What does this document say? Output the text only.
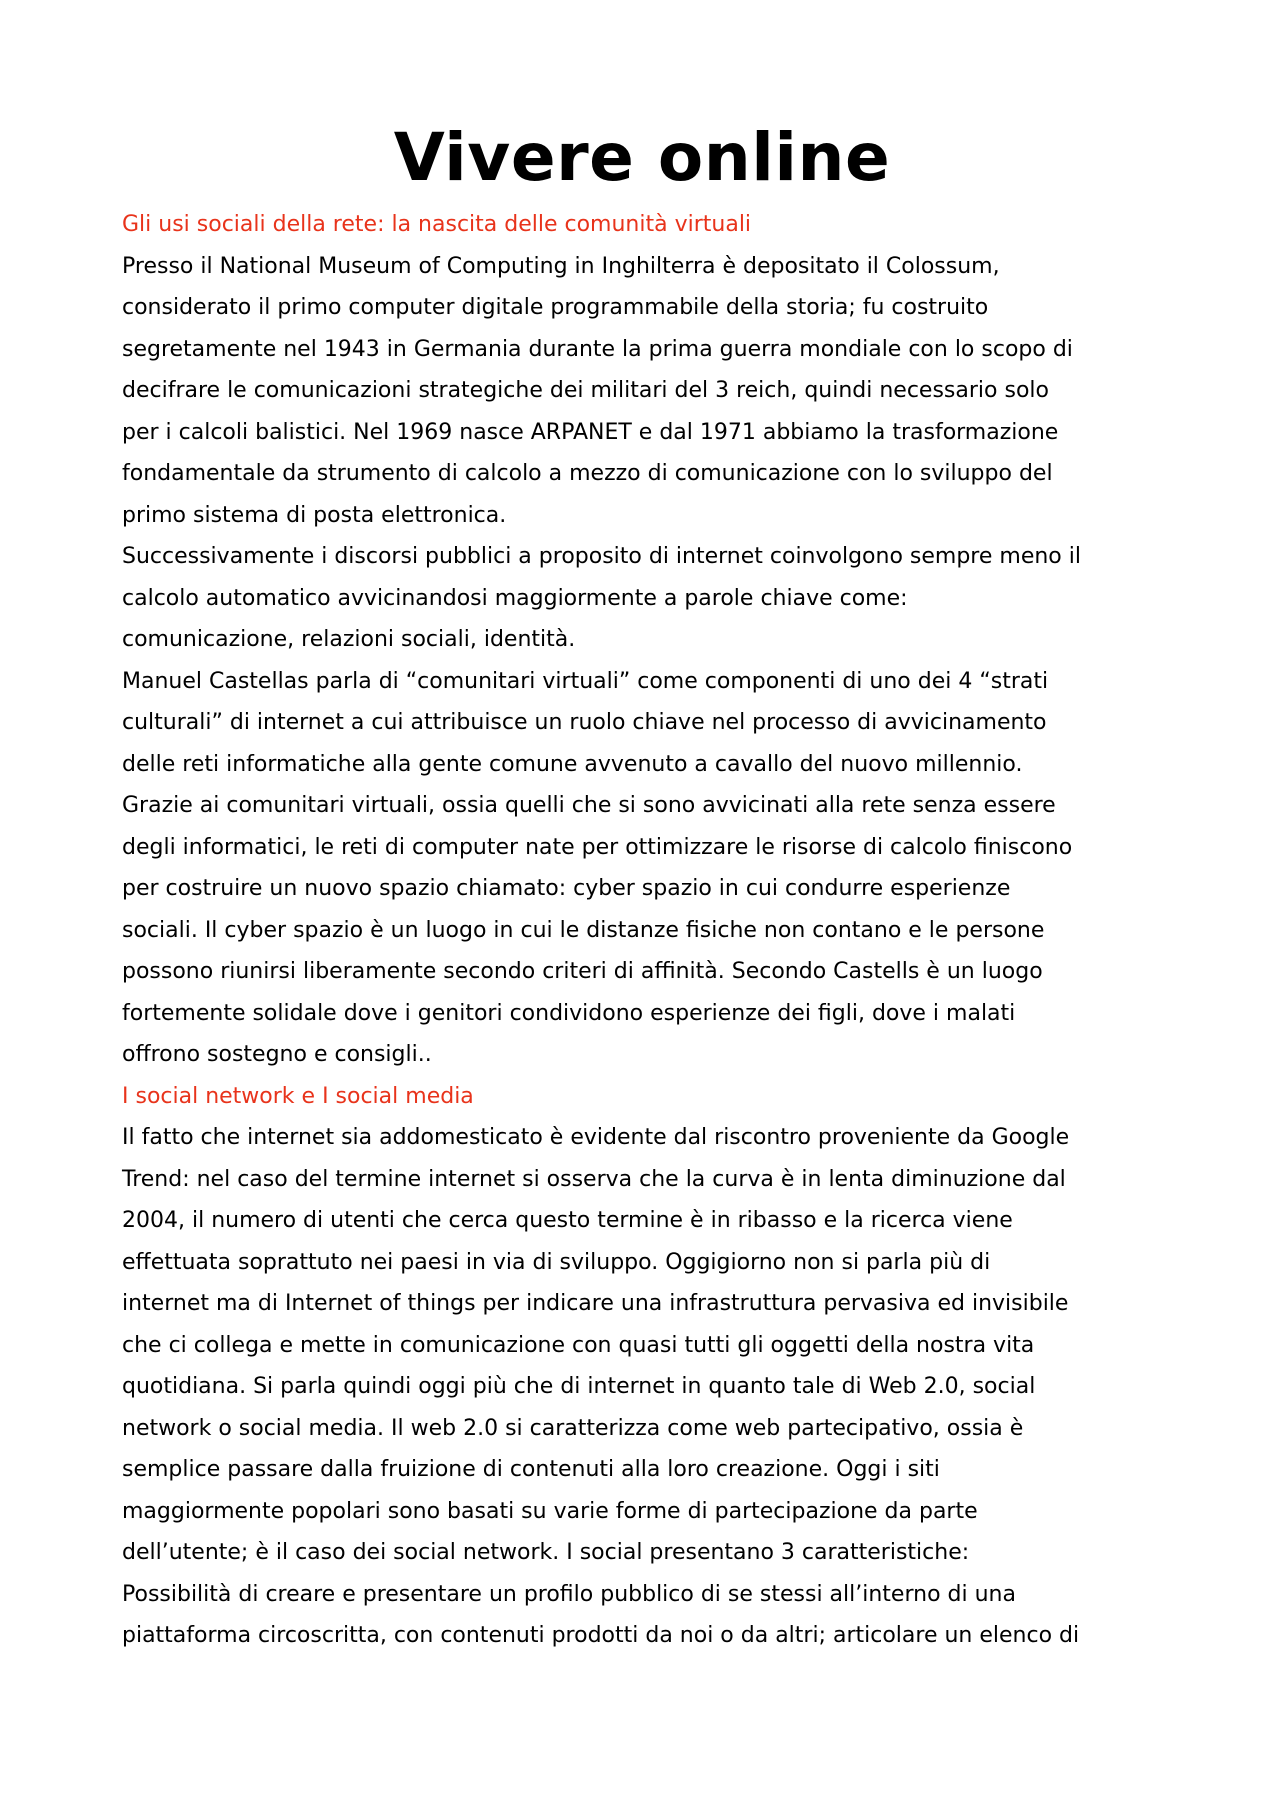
Vivere online
Gli usi sociali della rete: la nascita delle comunità virtuali
Presso il National Museum of Computing in Inghilterra è depositato il Colossum,
considerato il primo computer digitale programmabile della storia; fu costruito
segretamente nel 1943 in Germania durante la prima guerra mondiale con lo scopo di
decifrare le comunicazioni strategiche dei militari del 3 reich, quindi necessario solo
per i calcoli balistici. Nel 1969 nasce ARPANET e dal 1971 abbiamo la trasformazione
fondamentale da strumento di calcolo a mezzo di comunicazione con lo sviluppo del
primo sistema di posta elettronica.
Successivamente i discorsi pubblici a proposito di internet coinvolgono sempre meno il
calcolo automatico avvicinandosi maggiormente a parole chiave come:
comunicazione, relazioni sociali, identità.
Manuel Castellas parla di “comunitari virtuali” come componenti di uno dei 4 “strati
culturali” di internet a cui attribuisce un ruolo chiave nel processo di avvicinamento
delle reti informatiche alla gente comune avvenuto a cavallo del nuovo millennio.
Grazie ai comunitari virtuali, ossia quelli che si sono avvicinati alla rete senza essere
degli informatici, le reti di computer nate per ottimizzare le risorse di calcolo finiscono
per costruire un nuovo spazio chiamato: cyber spazio in cui condurre esperienze
sociali. Il cyber spazio è un luogo in cui le distanze fisiche non contano e le persone
possono riunirsi liberamente secondo criteri di affinità. Secondo Castells è un luogo
fortemente solidale dove i genitori condividono esperienze dei figli, dove i malati
offrono sostegno e consigli..
I social network e I social media
Il fatto che internet sia addomesticato è evidente dal riscontro proveniente da Google
Trend: nel caso del termine internet si osserva che la curva è in lenta diminuzione dal
2004, il numero di utenti che cerca questo termine è in ribasso e la ricerca viene
effettuata soprattuto nei paesi in via di sviluppo. Oggigiorno non si parla più di
internet ma di Internet of things per indicare una infrastruttura pervasiva ed invisibile
che ci collega e mette in comunicazione con quasi tutti gli oggetti della nostra vita
quotidiana. Si parla quindi oggi più che di internet in quanto tale di Web 2.0, social
network o social media. Il web 2.0 si caratterizza come web partecipativo, ossia è
semplice passare dalla fruizione di contenuti alla loro creazione. Oggi i siti
maggiormente popolari sono basati su varie forme di partecipazione da parte
dell’utente; è il caso dei social network. I social presentano 3 caratteristiche:
Possibilità di creare e presentare un profilo pubblico di se stessi all’interno di una
piattaforma circoscritta, con contenuti prodotti da noi o da altri; articolare un elenco di
